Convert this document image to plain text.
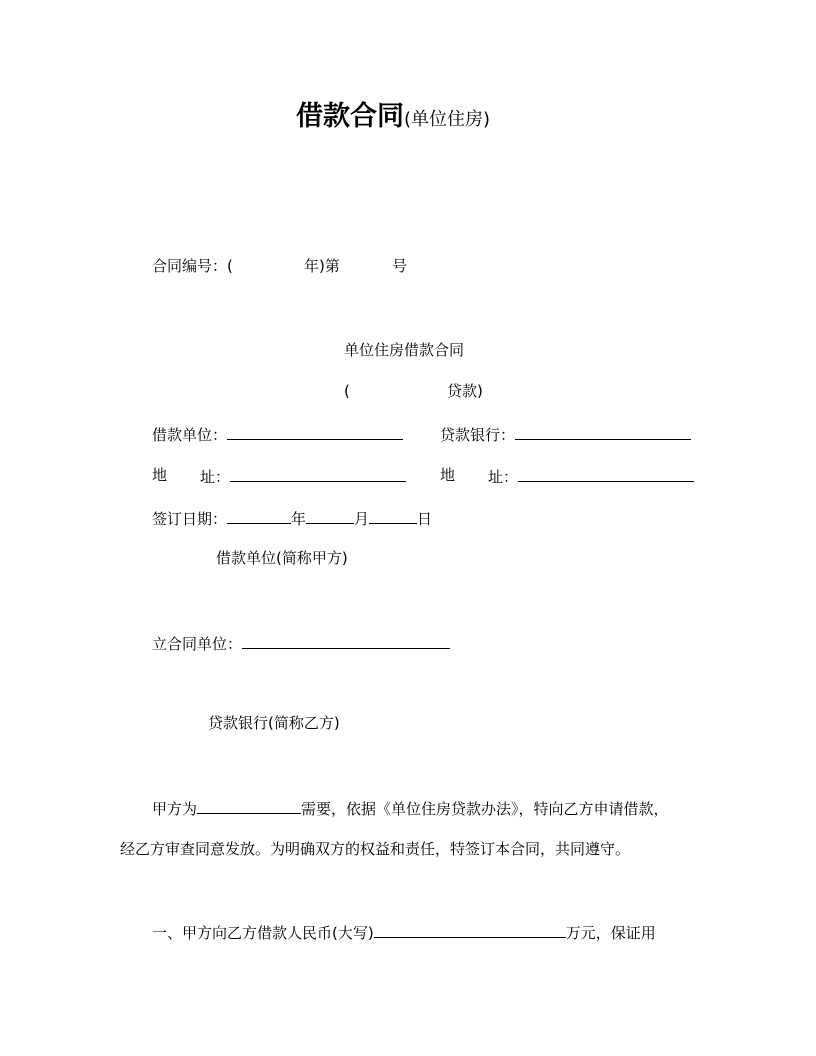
借款合同(单位住房)
合同编号：(	年)第	号
单位住房借款合同
(	贷款)
借款单位：	贷款银行：
地 址：	地 址：
签订日期：	年	月	日
借款单位(简称甲方)
立合同单位：
贷款银行(简称乙方)
甲方为	需要，依据《单位住房贷款办法》，特向乙方申请借款，
经乙方审查同意发放。为明确双方的权益和责任，特签订本合同，共同遵守。
一、甲方向乙方借款人民币(大写)	万元，保证用
